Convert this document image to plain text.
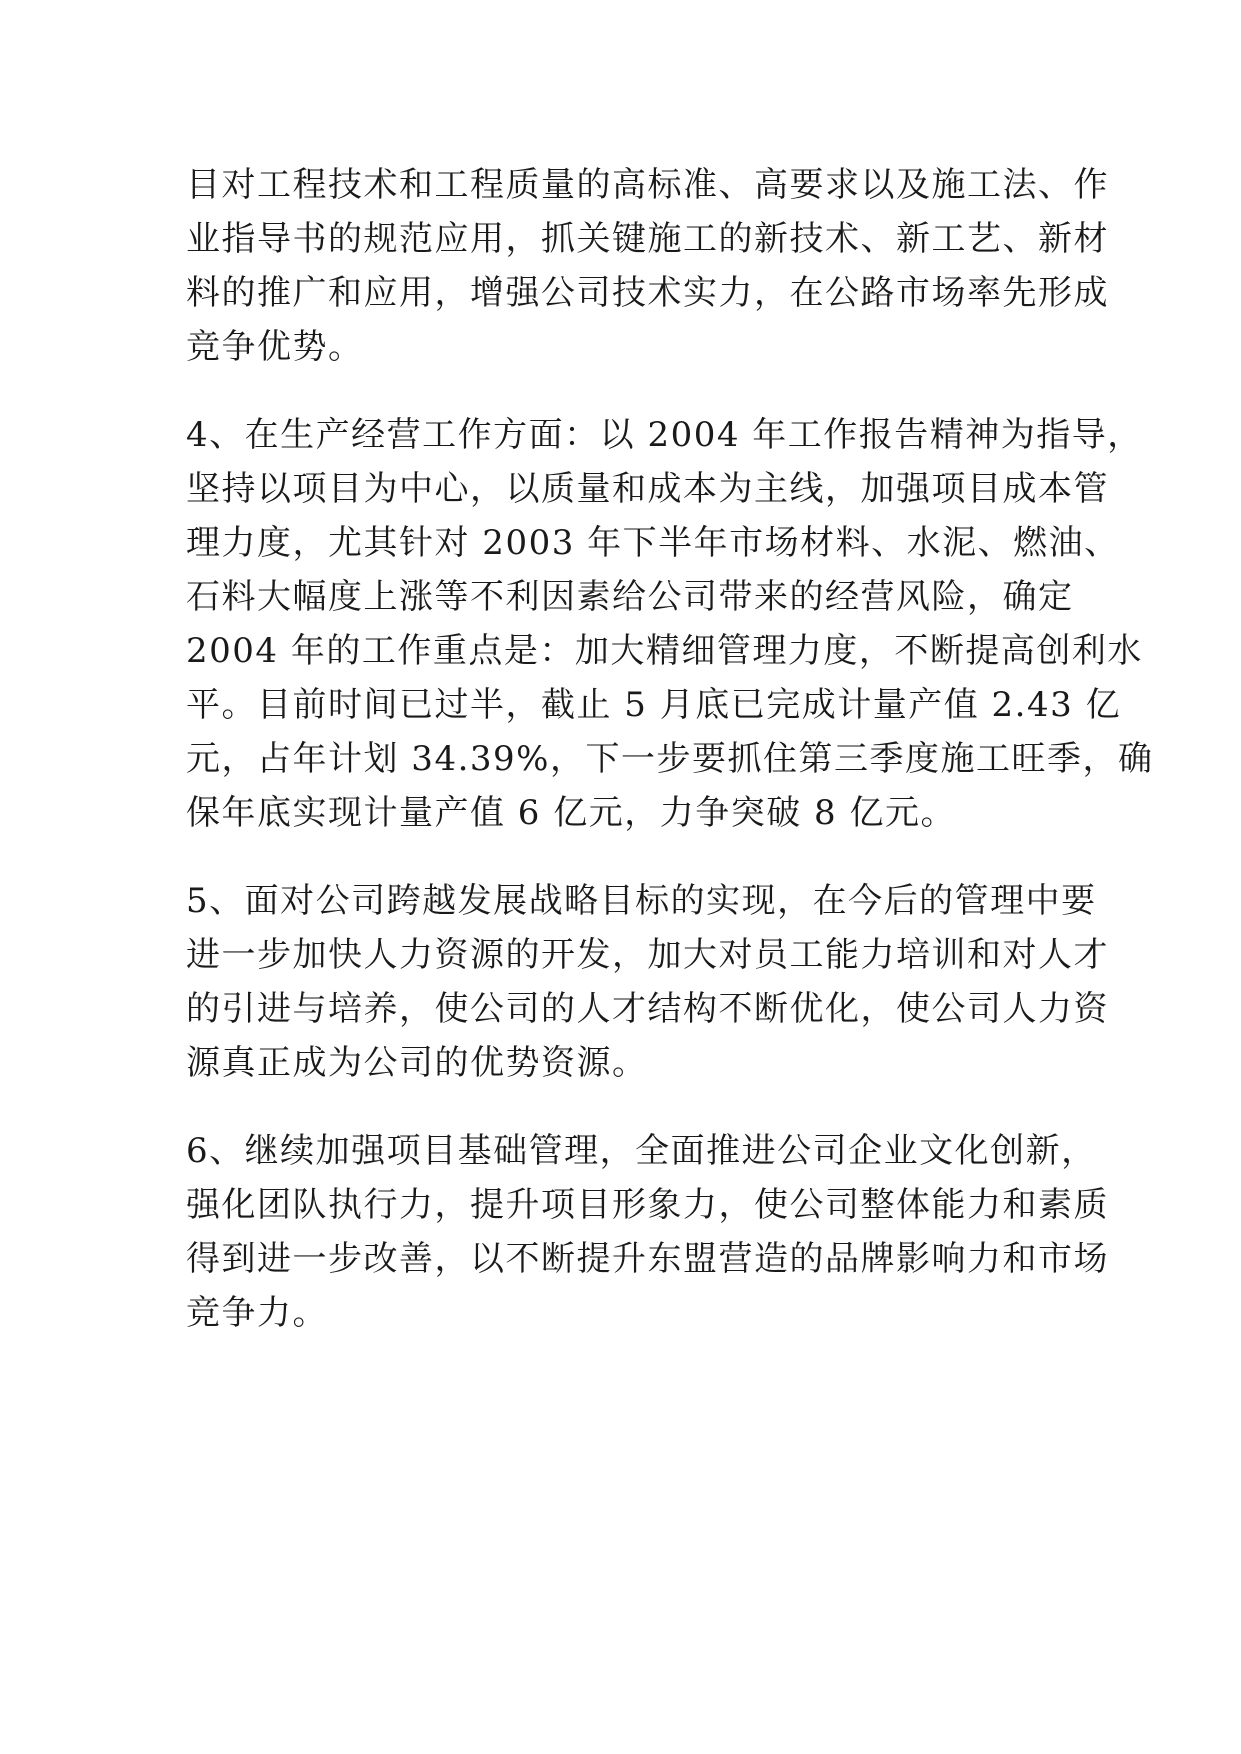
目对工程技术和工程质量的高标准、高要求以及施工法、作
业指导书的规范应用，抓关键施工的新技术、新工艺、新材
料的推广和应用，增强公司技术实力，在公路市场率先形成
竞争优势。

4、在生产经营工作方面：以 2004 年工作报告精神为指导，
坚持以项目为中心，以质量和成本为主线，加强项目成本管
理力度，尤其针对 2003 年下半年市场材料、水泥、燃油、
石料大幅度上涨等不利因素给公司带来的经营风险，确定
2004 年的工作重点是：加大精细管理力度，不断提高创利水
平。目前时间已过半，截止 5 月底已完成计量产值 2.43 亿
元，占年计划 34.39%，下一步要抓住第三季度施工旺季，确
保年底实现计量产值 6 亿元，力争突破 8 亿元。

5、面对公司跨越发展战略目标的实现，在今后的管理中要
进一步加快人力资源的开发，加大对员工能力培训和对人才
的引进与培养，使公司的人才结构不断优化，使公司人力资
源真正成为公司的优势资源。

6、继续加强项目基础管理，全面推进公司企业文化创新，
强化团队执行力，提升项目形象力，使公司整体能力和素质
得到进一步改善，以不断提升东盟营造的品牌影响力和市场
竞争力。
